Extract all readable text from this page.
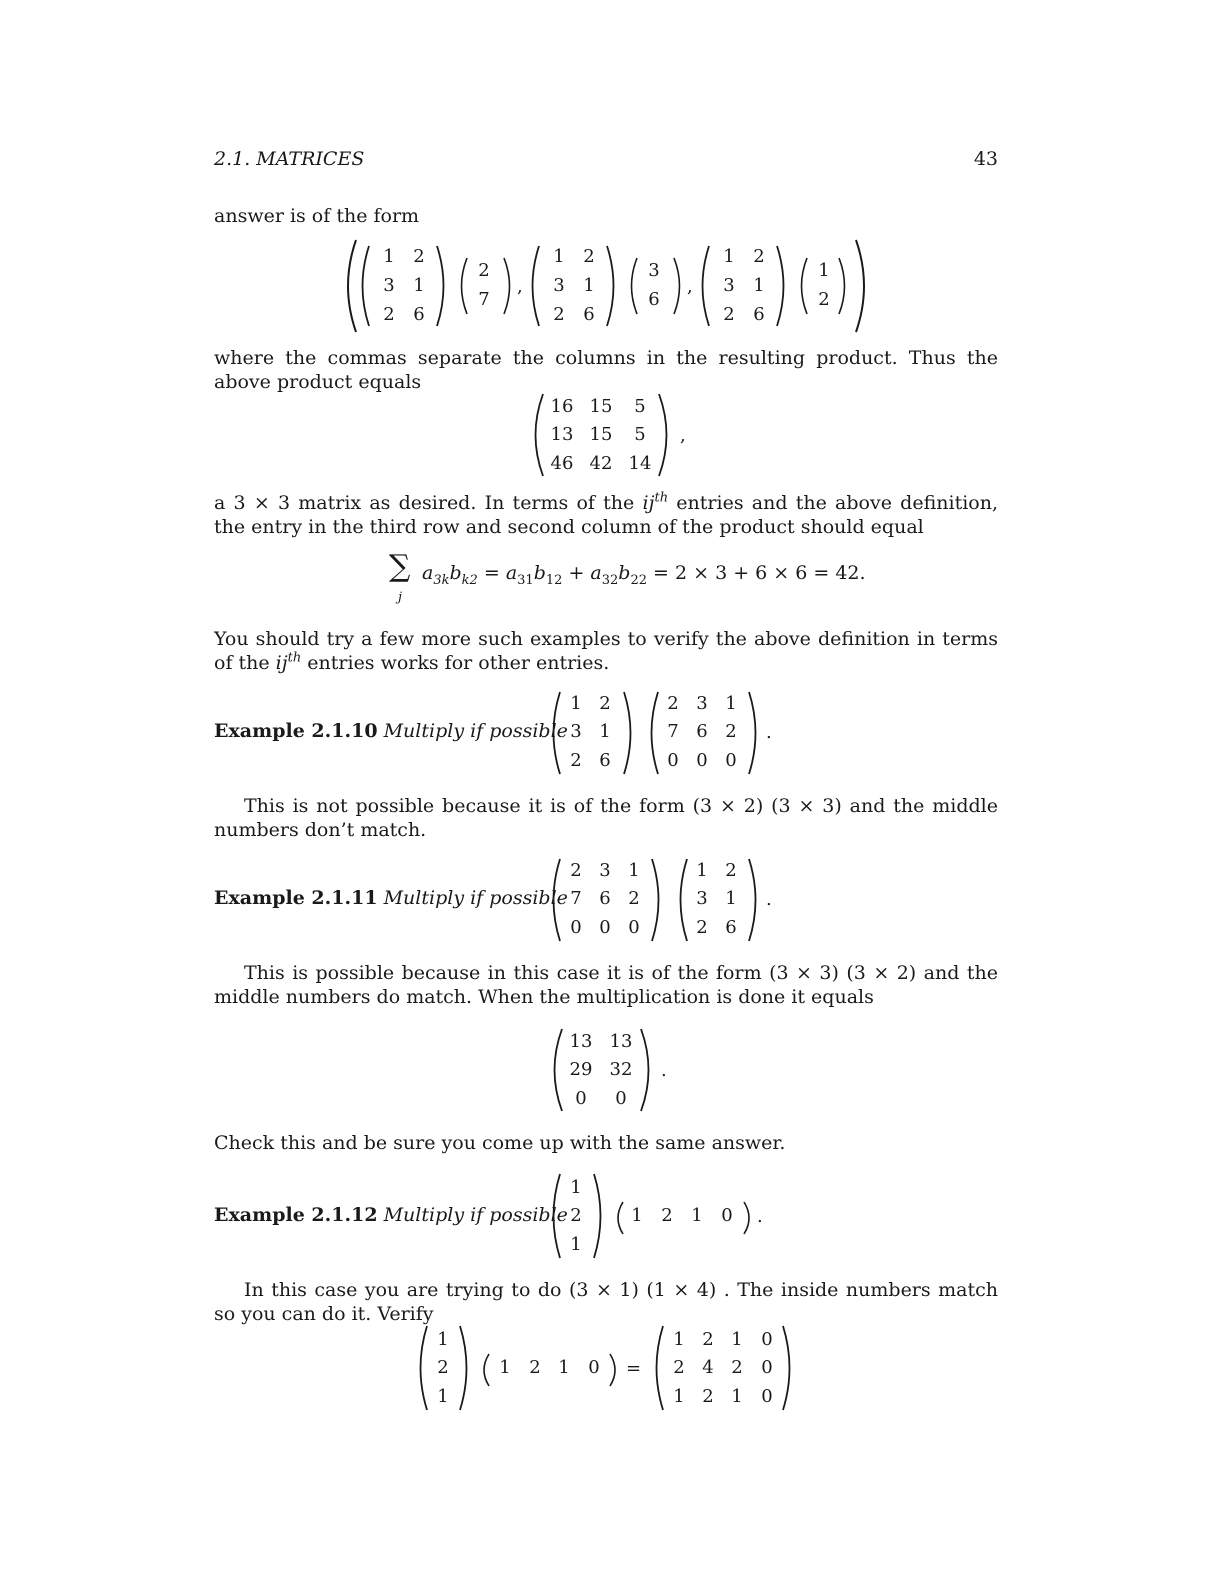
2.1. MATRICES	43
answer is of the form
1	2
3	1
2	6
2
7
,
1	2
3	1
2	6
3
6
,
1	2
3	1
2	6
1
2
where the commas separate the columns in the resulting product. Thus the above product equals
16 15	5
13 15	5
46 42 14
,
a 3 × 3 matrix as desired. In terms of the $ij^{th}$ entries and the above definition, the entry in the third row and second column of the product should equal
∑
j
$a_{3k}b_{k2} = a_{31}b_{12} + a_{32}b_{22} = 2 \times 3 + 6 \times 6 = 42$.
You should try a few more such examples to verify the above definition in terms of the $ij^{th}$ entries works for other entries.
Example 2.1.10 Multiply if possible
1 2
3 1
2 6
2 3 1
7 6 2
0 0 0
.
This is not possible because it is of the form (3 × 2) (3 × 3) and the middle numbers don’t match.
Example 2.1.11 Multiply if possible
2 3 1
7 6 2
0 0 0
1 2
3 1
2 6
.
This is possible because in this case it is of the form (3 × 3) (3 × 2) and the middle numbers do match. When the multiplication is done it equals
13 13
29 32
0	0
.
Check this and be sure you come up with the same answer.
Example 2.1.12 Multiply if possible
1
2
1
1	2	1	0	.
In this case you are trying to do (3 × 1) (1 × 4) . The inside numbers match so you can do it. Verify
1
2
1
1	2 1	0	=
1 2 1	0
2 4 2	0
1 2 1	0
